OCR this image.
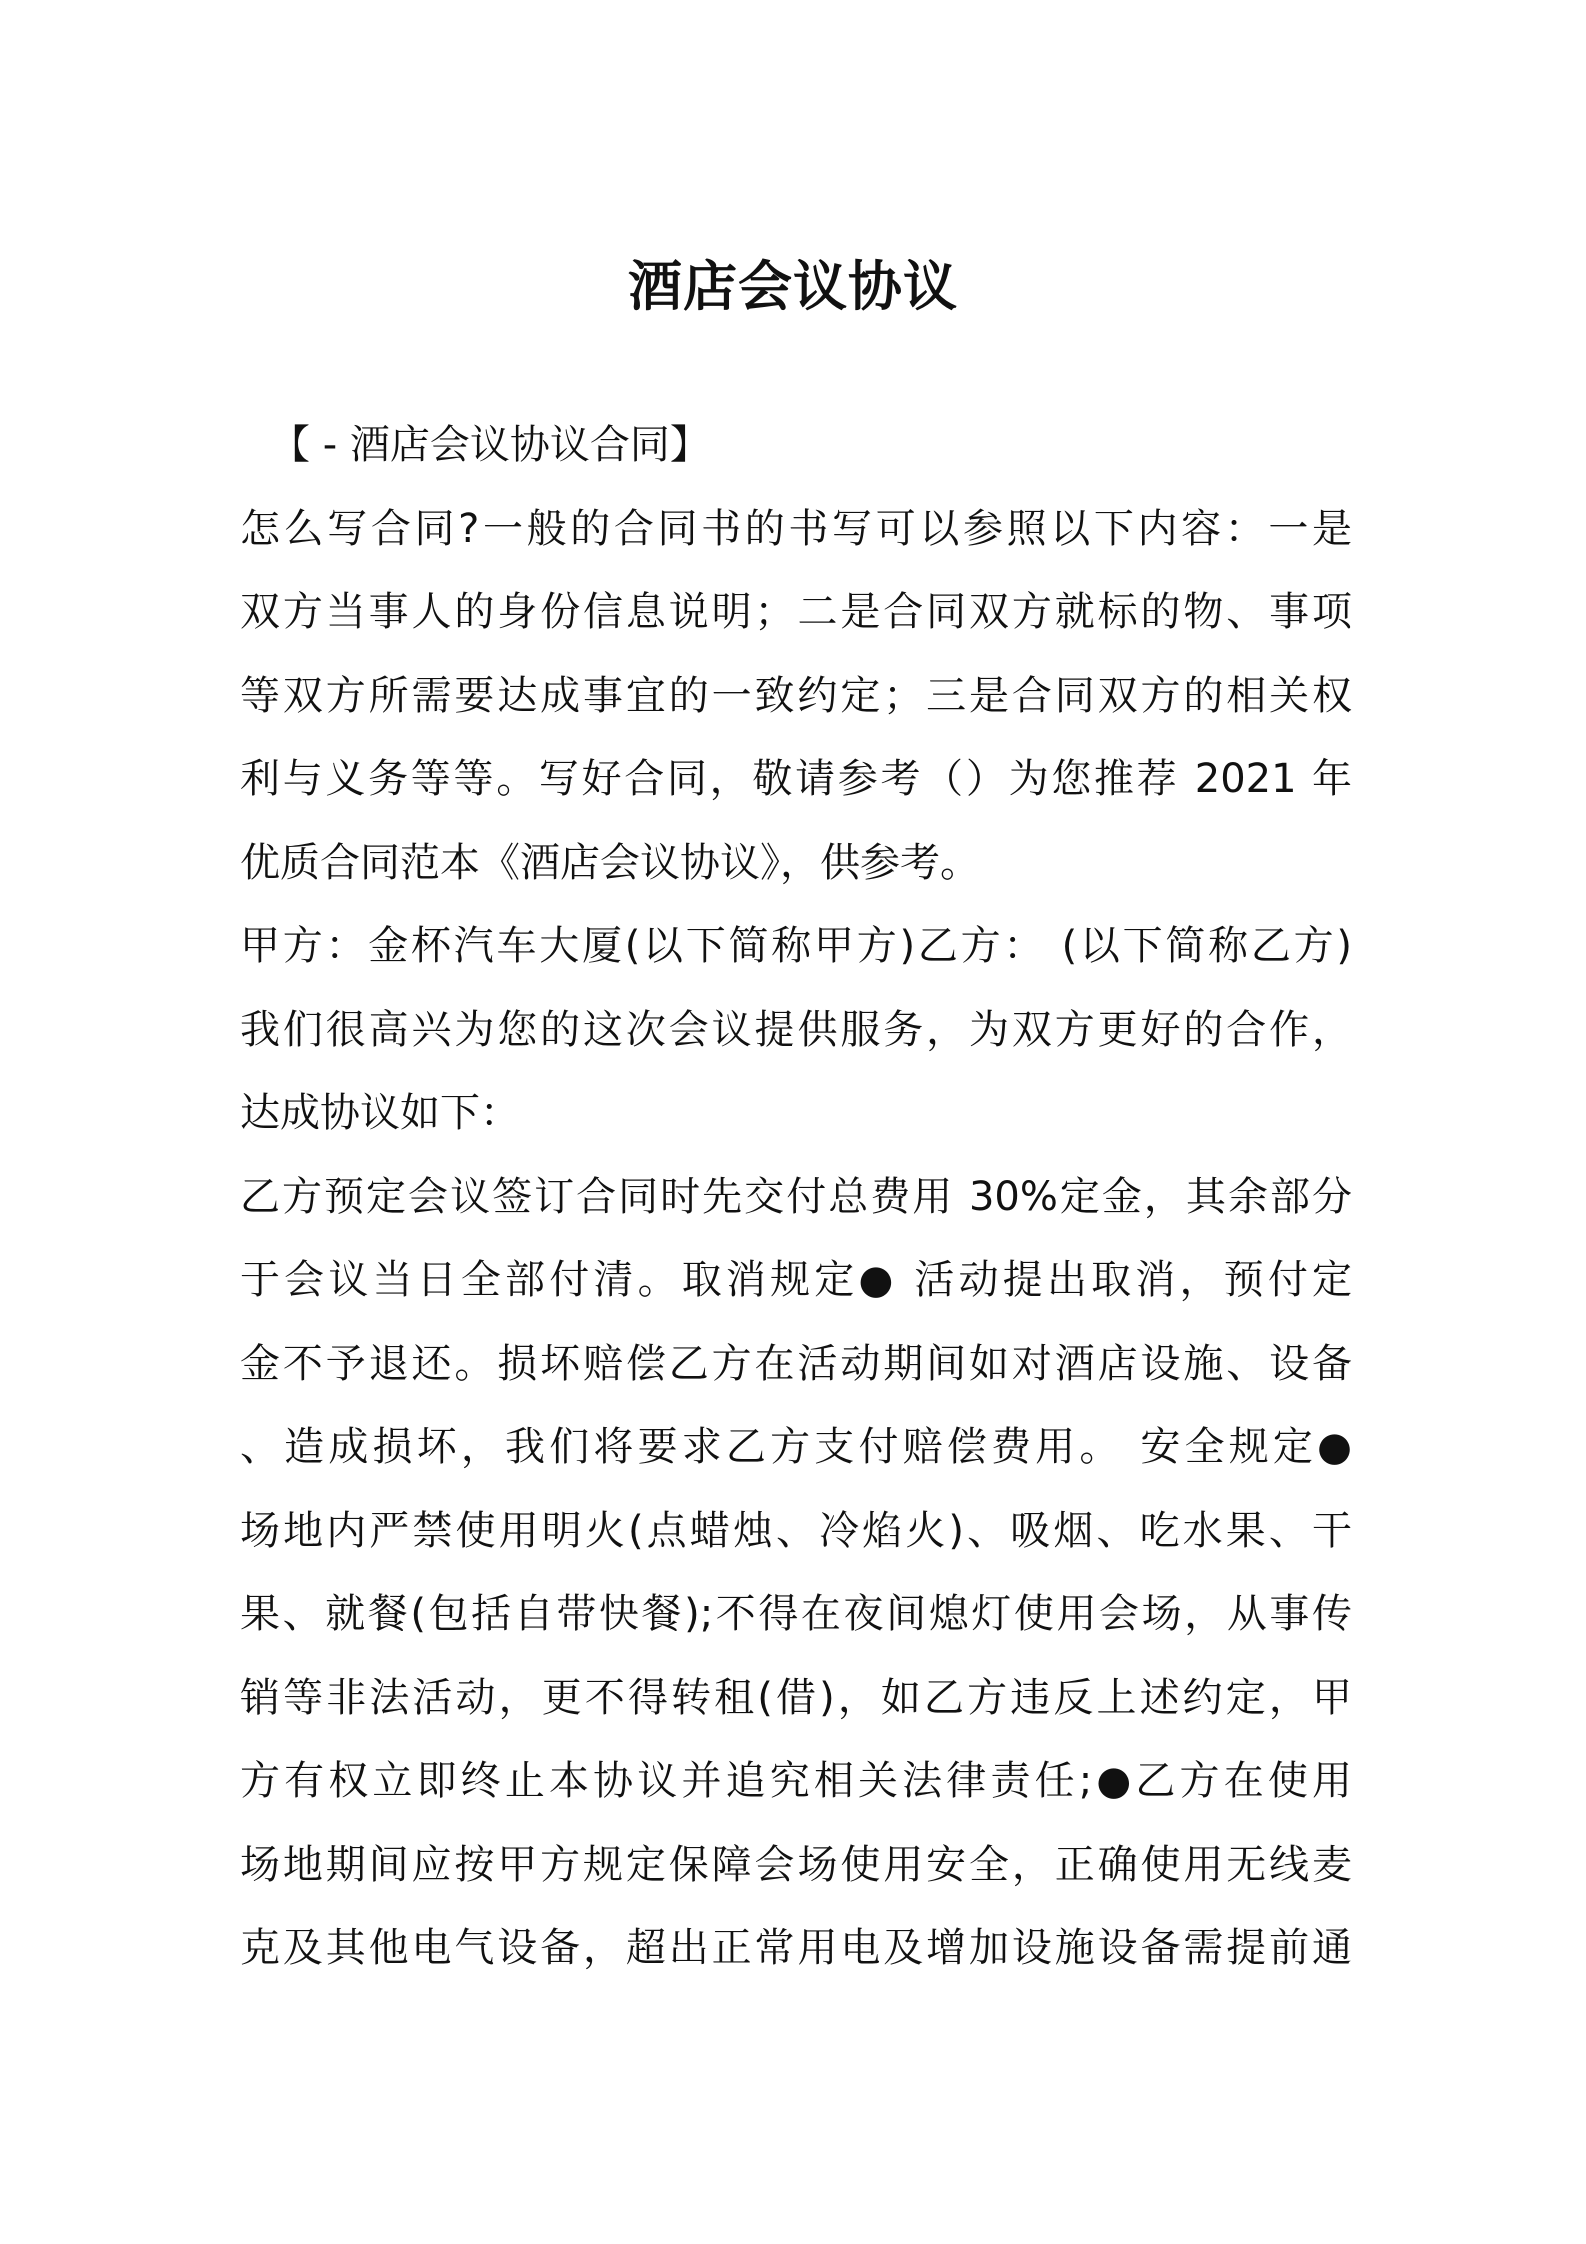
酒店会议协议
【 - 酒店会议协议合同】
怎么写合同?一般的合同书的书写可以参照以下内容：一是
双方当事人的身份信息说明；二是合同双方就标的物、事项
等双方所需要达成事宜的一致约定；三是合同双方的相关权
利与义务等等。写好合同，敬请参考（）为您推荐 2021 年
优质合同范本《酒店会议协议》，供参考。
甲方：金杯汽车大厦(以下简称甲方)乙方： (以下简称乙方)
我们很高兴为您的这次会议提供服务，为双方更好的合作，
达成协议如下：
乙方预定会议签订合同时先交付总费用 30%定金，其余部分
于会议当日全部付清。取消规定● 活动提出取消，预付定
金不予退还。损坏赔偿乙方在活动期间如对酒店设施、设备
、造成损坏，我们将要求乙方支付赔偿费用。 安全规定●
场地内严禁使用明火(点蜡烛、冷焰火)、吸烟、吃水果、干
果、就餐(包括自带快餐);不得在夜间熄灯使用会场，从事传
销等非法活动，更不得转租(借)，如乙方违反上述约定，甲
方有权立即终止本协议并追究相关法律责任;●乙方在使用
场地期间应按甲方规定保障会场使用安全，正确使用无线麦
克及其他电气设备，超出正常用电及增加设施设备需提前通
